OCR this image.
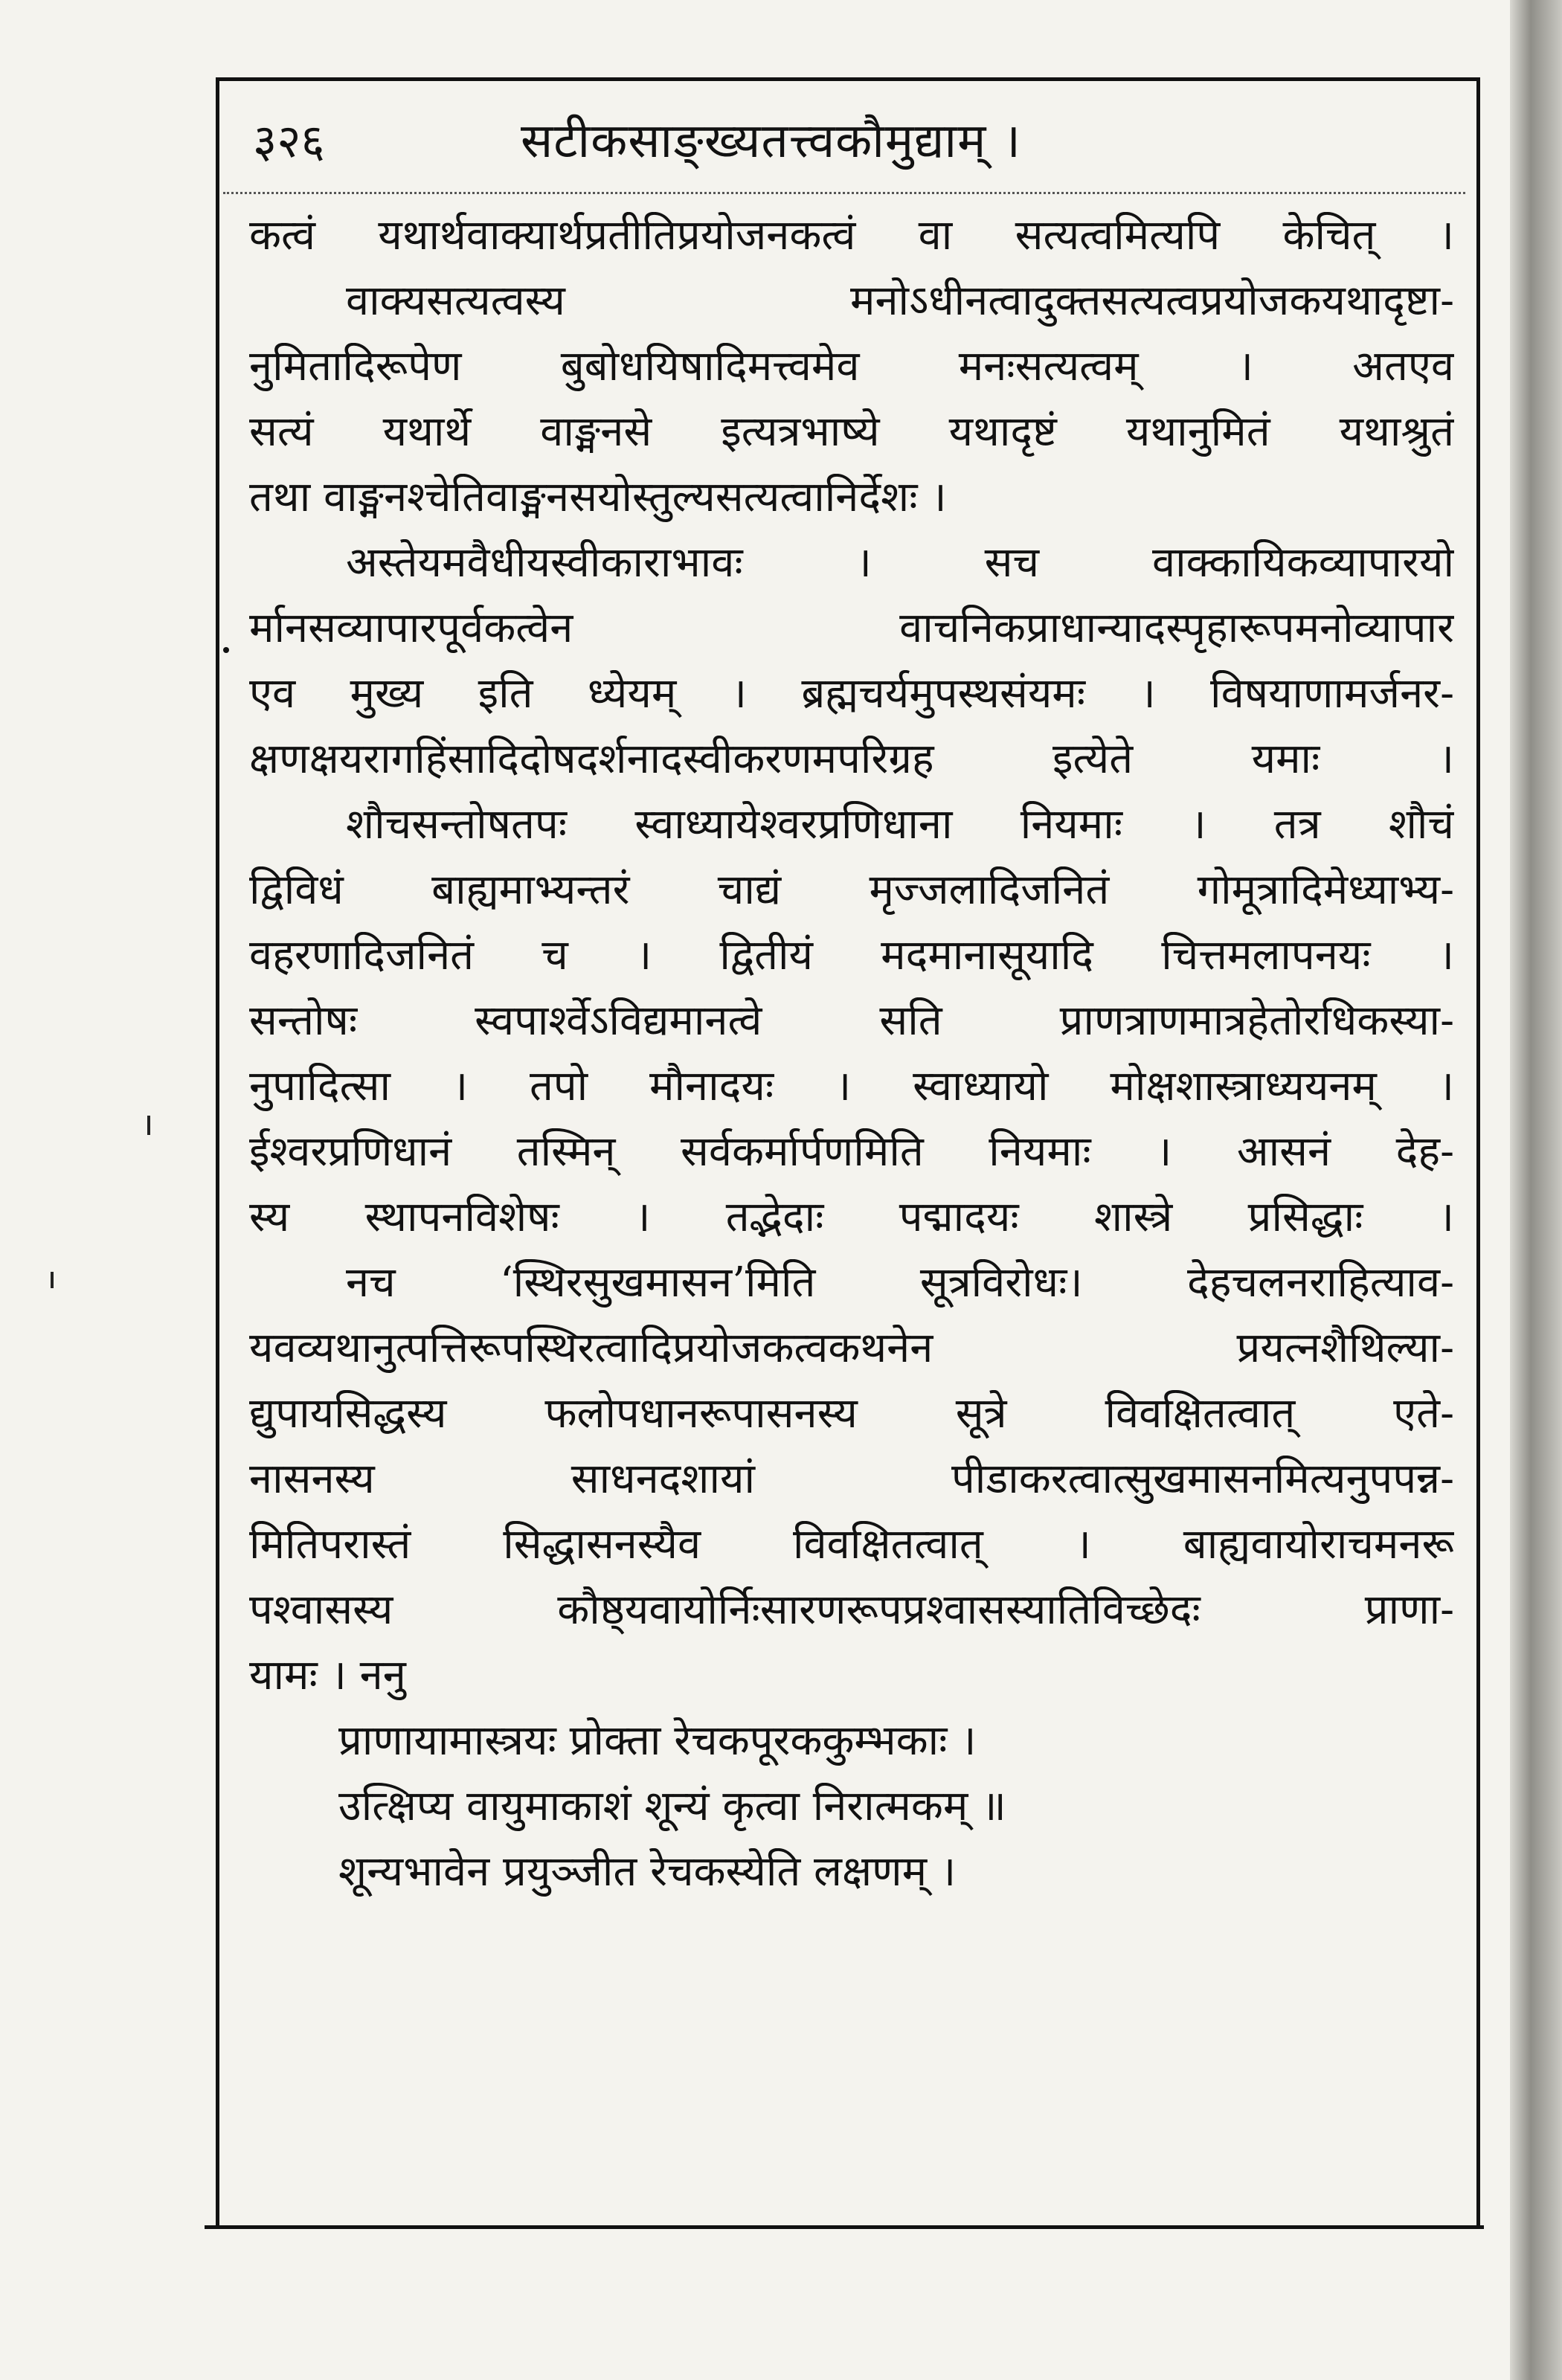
३२६	सटीकसाङ्ख्यतत्त्वकौमुद्याम् ।
कत्वं यथार्थवाक्यार्थप्रतीतिप्रयोजनकत्वं वा सत्यत्वमित्यपि केचित् ।
वाक्यसत्यत्वस्य मनोऽधीनत्वादुक्तसत्यत्वप्रयोजकयथादृष्टा-
नुमितादिरूपेण बुबोधयिषादिमत्त्वमेव मनःसत्यत्वम् । अतएव
सत्यं यथार्थे वाङ्मनसे इत्यत्रभाष्ये यथादृष्टं यथानुमितं यथाश्रुतं
तथा वाङ्मनश्चेतिवाङ्मनसयोस्तुल्यसत्यत्वानिर्देशः ।
अस्तेयमवैधीयस्वीकाराभावः । सच वाक्कायिकव्यापारयो
र्मानसव्यापारपूर्वकत्वेन वाचनिकप्राधान्यादस्पृहारूपमनोव्यापार
एव मुख्य इति ध्येयम् । ब्रह्मचर्यमुपस्थसंयमः । विषयाणामर्जनर-
क्षणक्षयरागहिंसादिदोषदर्शनादस्वीकरणमपरिग्रह इत्येते यमाः ।
शौचसन्तोषतपः स्वाध्यायेश्वरप्रणिधाना नियमाः । तत्र शौचं
द्विविधं बाह्यमाभ्यन्तरं चाद्यं मृज्जलादिजनितं गोमूत्रादिमेध्याभ्य-
वहरणादिजनितं च । द्वितीयं मदमानासूयादि चित्तमलापनयः ।
सन्तोषः स्वपार्श्वेऽविद्यमानत्वे सति प्राणत्राणमात्रहेतोरधिकस्या-
नुपादित्सा । तपो मौनादयः । स्वाध्यायो मोक्षशास्त्राध्ययनम् ।
ईश्वरप्रणिधानं तस्मिन् सर्वकर्मार्पणमिति नियमाः । आसनं देह-
स्य स्थापनविशेषः । तद्भेदाः पद्मादयः शास्त्रे प्रसिद्धाः ।
नच ‘स्थिरसुखमासन’मिति सूत्रविरोधः। देहचलनराहित्याव-
यवव्यथानुत्पत्तिरूपस्थिरत्वादिप्रयोजकत्वकथनेन प्रयत्नशैथिल्या-
द्युपायसिद्धस्य फलोपधानरूपासनस्य सूत्रे विवक्षितत्वात् एते-
नासनस्य साधनदशायां पीडाकरत्वात्सुखमासनमित्यनुपपन्न-
मितिपरास्तं सिद्धासनस्यैव विवक्षितत्वात् । बाह्यवायोराचमनरू
पश्वासस्य कौष्ठ्यवायोर्निःसारणरूपप्रश्वासस्यातिविच्छेदः प्राणा-
यामः । ननु
प्राणायामास्त्रयः प्रोक्ता रेचकपूरककुम्भकाः ।
उत्क्षिप्य वायुमाकाशं शून्यं कृत्वा निरात्मकम् ॥
शून्यभावेन प्रयुञ्जीत रेचकस्येति लक्षणम् ।
